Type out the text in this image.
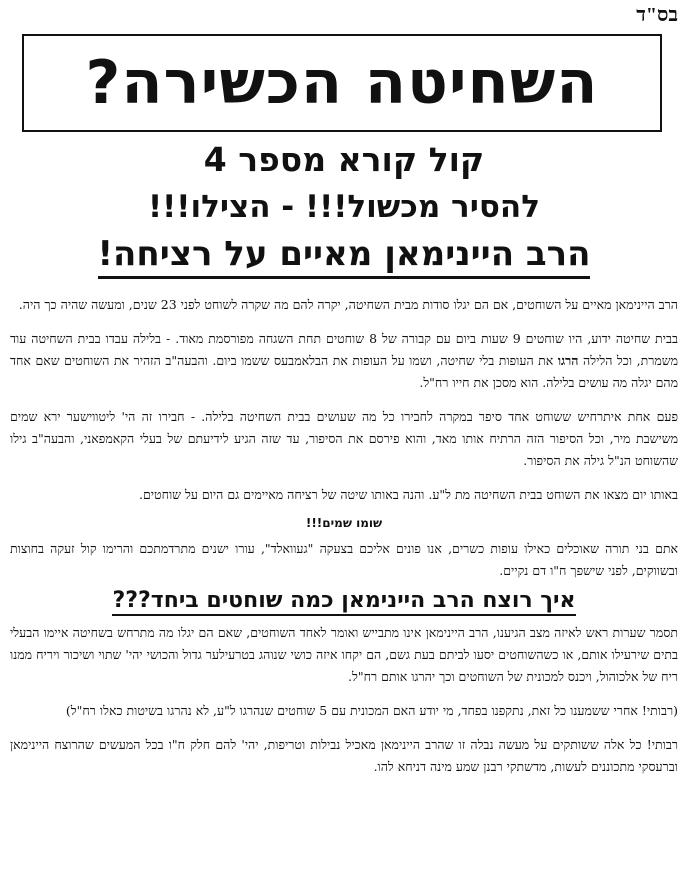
בס"ד
השחיטה הכשירה?
קול קורא מספר 4
להסיר מכשול!!! - הצילו!!!
הרב היינימאן מאיים על רציחה!

הרב היינימאן מאיים על השוחטים, אם הם יגלו סודות מבית השחיטה, יקרה להם מה שקרה לשוחט לפני 23 שנים, ומעשה שהיה כך היה.

בבית שחיטה ידוע, היו שוחטים 9 שעות ביום עם קבורה של 8 שוחטים תחת השגחה מפורסמת מאוד. - בלילה עבדו בבית השחיטה עוד משמרת, וכל הלילה הרגו את העופות בלי שחיטה, ושמו על העופות את הבלאמבעס ששמו ביום. והבעה"ב הזהיר את השוחטים שאם אחד מהם יגלה מה עושים בלילה. הוא מסכן את חייו רח"ל.

פעם אחת איתרחיש ששוחט אחד סיפר במקרה לחבירו כל מה שעושים בבית השחיטה בלילה. - חבירו זה הי' ליטווישער ירא שמים משישבת מיר, וכל הסיפור הזה הרתיח אותו מאד, והוא פירסם את הסיפור, עד שזה הגיע לידיעתם של בעלי הקאמפאני, והבעה"ב גילו שהשוחט הנ"ל גילה את הסיפור.

באותו יום מצאו את השוחט בבית השחיטה מת ל"ע. והנה באותו שיטה של רציחה מאיימים גם היום על שוחטים.

שומו שמים!!!

אתם בני תורה שאוכלים כאילו עופות כשרים, אנו פונים אליכם בצעקה "געוואלד", עורו ישנים מתרדמתכם והרימו קול זעקה בחוצות ובשווקים, לפני שישפך ח"ו דם נקיים.

איך רוצח הרב היינימאן כמה שוחטים ביחד???

תסמר שערות ראש לאיזה מצב הגיענו, הרב היינימאן אינו מתבייש ואומר לאחד השוחטים, שאם הם יגלו מה מתרחש בשחיטה איימו הבעלי בתים שירעילו אותם, או כשהשוחטים יסעו לביתם בעת גשם, הם יקחו איזה כושי שנוהג בטרעילער גדול והכושי יהי' שתוי ושיכור ויריח ממנו ריח של אלכוהול, ויכנס למכונית של השוחטים וכך יהרגו אותם רח"ל.

(רבותי! אחרי ששמענו כל זאת, נתקפנו בפחד, מי יודע האם המכונית עם 5 שוחטים שנהרגו ל"ע, לא נהרגו בשיטות כאלו רח"ל)

רבותי! כל אלה ששותקים על מעשה נבלה זו שהרב היינימאן מאכיל נבילות וטריפות, יהי' להם חלק ח"ו בכל המעשים שהרוצח היינימאן וברעסקי מתכוננים לעשות, מדשתקי רבנן שמע מינה דניחא להו.
